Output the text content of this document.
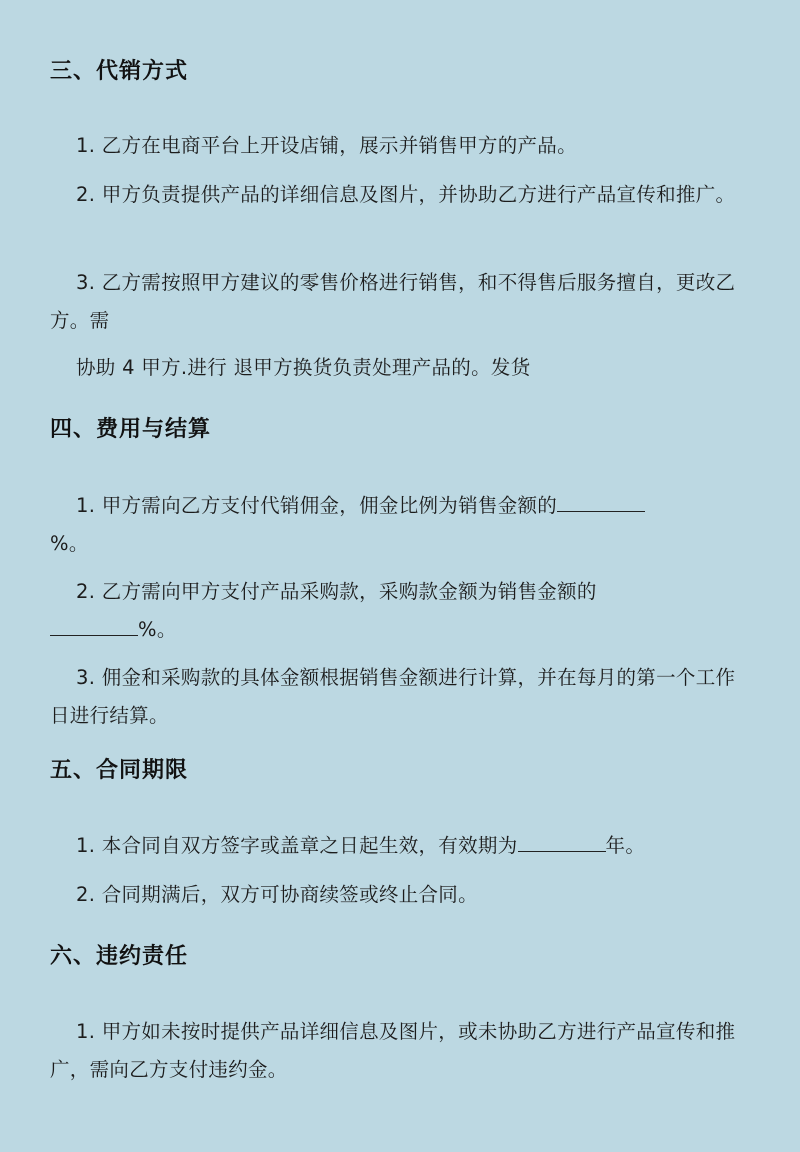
三、代销方式
1. 乙方在电商平台上开设店铺，展示并销售甲方的产品。
2. 甲方负责提供产品的详细信息及图片，并协助乙方进行产品宣传和推广。
3. 乙方需按照甲方建议的零售价格进行销售，和不得售后服务擅自，更改乙方。需
协助 4 甲方.进行 退甲方换货负责处理产品的。发货
四、费用与结算
1. 甲方需向乙方支付代销佣金，佣金比例为销售金额的
%。
2. 乙方需向甲方支付产品采购款，采购款金额为销售金额的
%。
3. 佣金和采购款的具体金额根据销售金额进行计算，并在每月的第一个工作日进行结算。
五、合同期限
1. 本合同自双方签字或盖章之日起生效，有效期为	年。
2. 合同期满后，双方可协商续签或终止合同。
六、违约责任
1. 甲方如未按时提供产品详细信息及图片，或未协助乙方进行产品宣传和推广，需向乙方支付违约金。
